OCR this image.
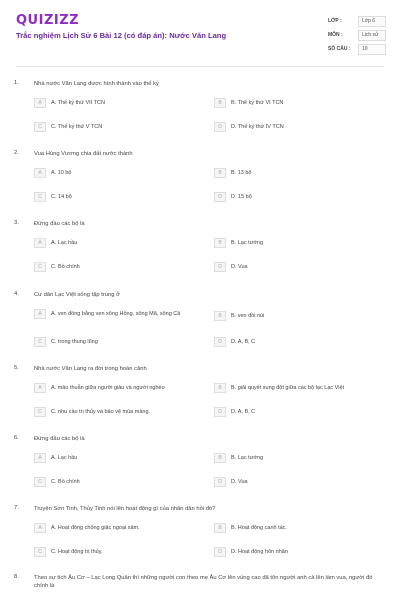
QUIZIZZ
Trắc nghiệm Lịch Sử 6 Bài 12 (có đáp án): Nước Văn Lang
LỚP :	Lớp 6
MÔN :	Lịch sử
SỐ CÂU :	10
1.	Nhà nước Văn Lang được hình thành vào thế kỷ
A	A. Thế kỷ thứ VII TCN	B	B. Thế kỷ thứ VI TCN
C	C. Thế kỷ thứ V TCN	D	D. Thế kỷ thứ IV TCN
2.	Vua Hùng Vương chia đất nước thành
A	A. 10 bộ	B	B. 13 bộ
C	C. 14 bộ	D	D. 15 bộ
3.	Đứng đầu các bộ là
A	A. Lạc hầu	B	B. Lạc tướng
C	C. Bồ chính	D	D. Vua
4.	Cư dân Lạc Việt sống tập trung ở
A	A. ven đồng bằng ven sông Hồng, sông Mã, sông Cả	B	B. ven đồi núi
C	C. trong thung lũng	D	D. A, B, C
5.	Nhà nước Văn Lang ra đời trong hoàn cảnh
A	A. mâu thuẫn giữa người giàu và người nghèo	B	B. giải quyết xung đột giữa các bộ lạc Lạc Việt
C	C. nhu cầu trị thủy và bảo vệ mùa màng.	D	D. A, B, C
6.	Đứng đầu các bộ là
A	A. Lạc hầu	B	B. Lạc tướng
C	C. Bồ chính	D	D. Vua
7.	Truyện Sơn Tinh, Thủy Tinh nói lên hoạt động gì của nhân dân hồi đó?
A	A. Hoạt động chống giặc ngoại xâm.	B	B. Hoạt động canh tác.
C	C. Hoạt động trị thủy.	D	D. Hoạt động hôn nhân
8.	Theo sự tích Âu Cơ – Lạc Long Quân thì những người con theo mẹ Âu Cơ lên vùng cao đã tôn người anh cả lên làm vua, người đó chính là
